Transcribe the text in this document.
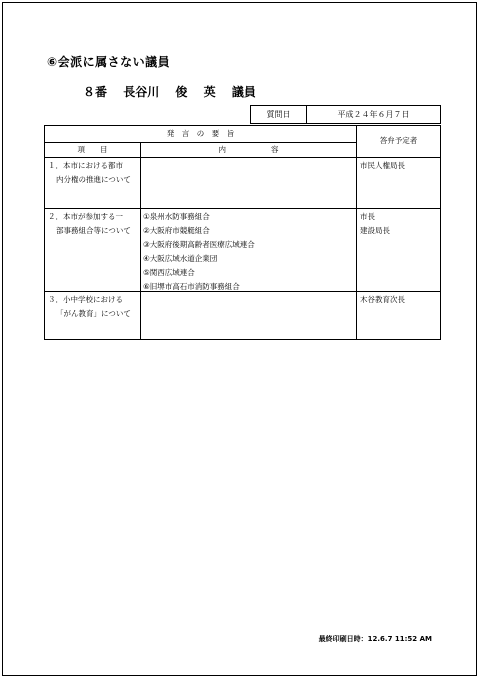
⑥会派に属さない議員
８番 長谷川 俊 英 議員
質問日	平成２４年６月７日
発　言　の　要　旨
項　　目	内　　　　　　容
答弁予定者
１．本市における都市
内分権の推進について
市民人権局長
２．本市が参加する一
部事務組合等について
①泉州水防事務組合
②大阪府市競艇組合
③大阪府後期高齢者医療広域連合
④大阪広域水道企業団
⑤関西広域連合
⑥旧堺市高石市消防事務組合
市長
建設局長
３．小中学校における
「がん教育」について
木谷教育次長
最終印刷日時：12.6.7 11:52 AM
